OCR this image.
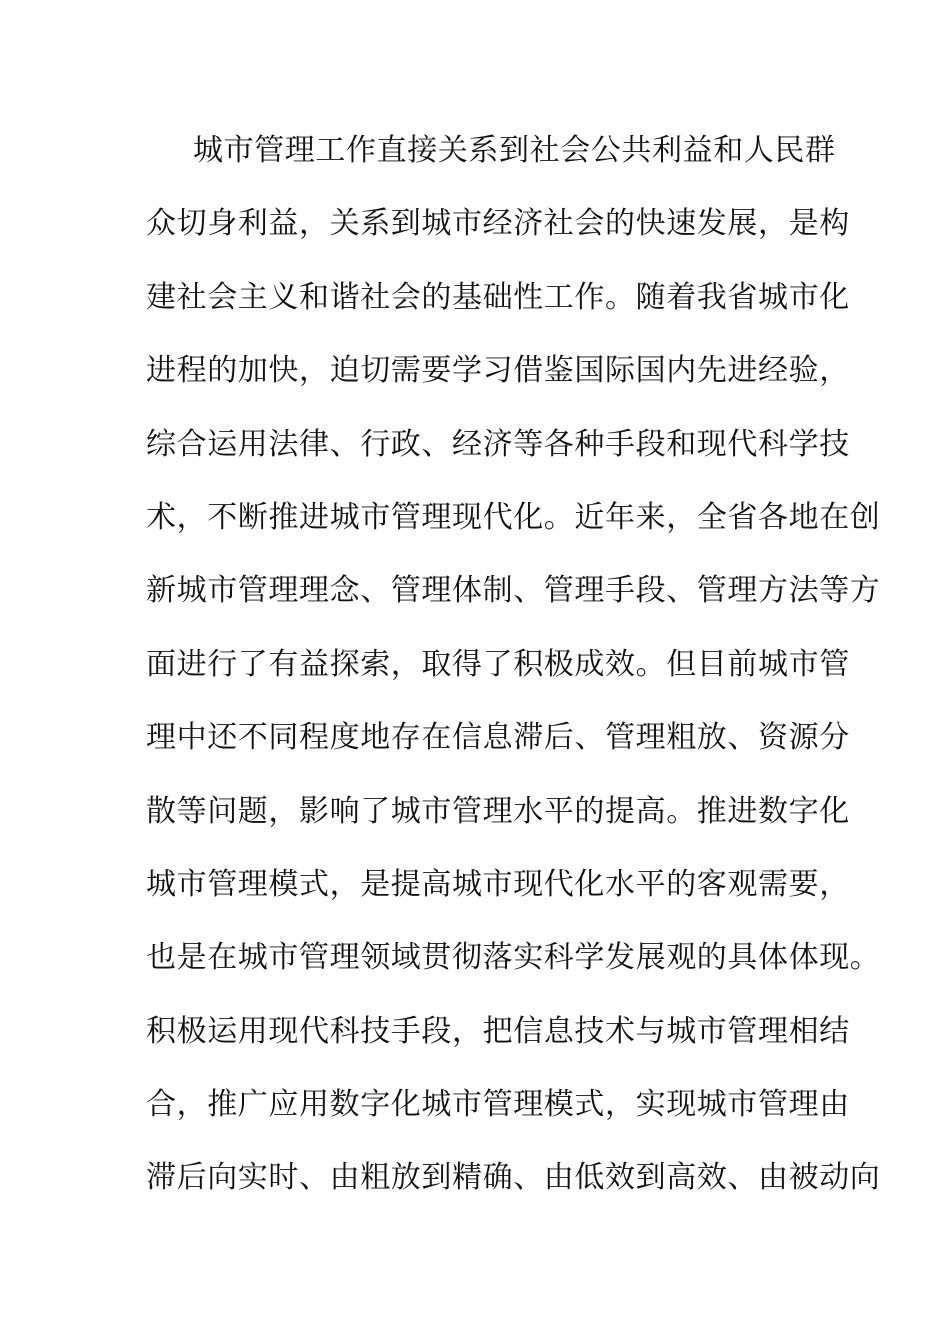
城市管理工作直接关系到社会公共利益和人民群
众切身利益，关系到城市经济社会的快速发展，是构
建社会主义和谐社会的基础性工作。随着我省城市化
进程的加快，迫切需要学习借鉴国际国内先进经验，
综合运用法律、行政、经济等各种手段和现代科学技
术，不断推进城市管理现代化。近年来，全省各地在创
新城市管理理念、管理体制、管理手段、管理方法等方
面进行了有益探索，取得了积极成效。但目前城市管
理中还不同程度地存在信息滞后、管理粗放、资源分
散等问题，影响了城市管理水平的提高。推进数字化
城市管理模式，是提高城市现代化水平的客观需要，
也是在城市管理领域贯彻落实科学发展观的具体体现。
积极运用现代科技手段，把信息技术与城市管理相结
合，推广应用数字化城市管理模式，实现城市管理由
滞后向实时、由粗放到精确、由低效到高效、由被动向
